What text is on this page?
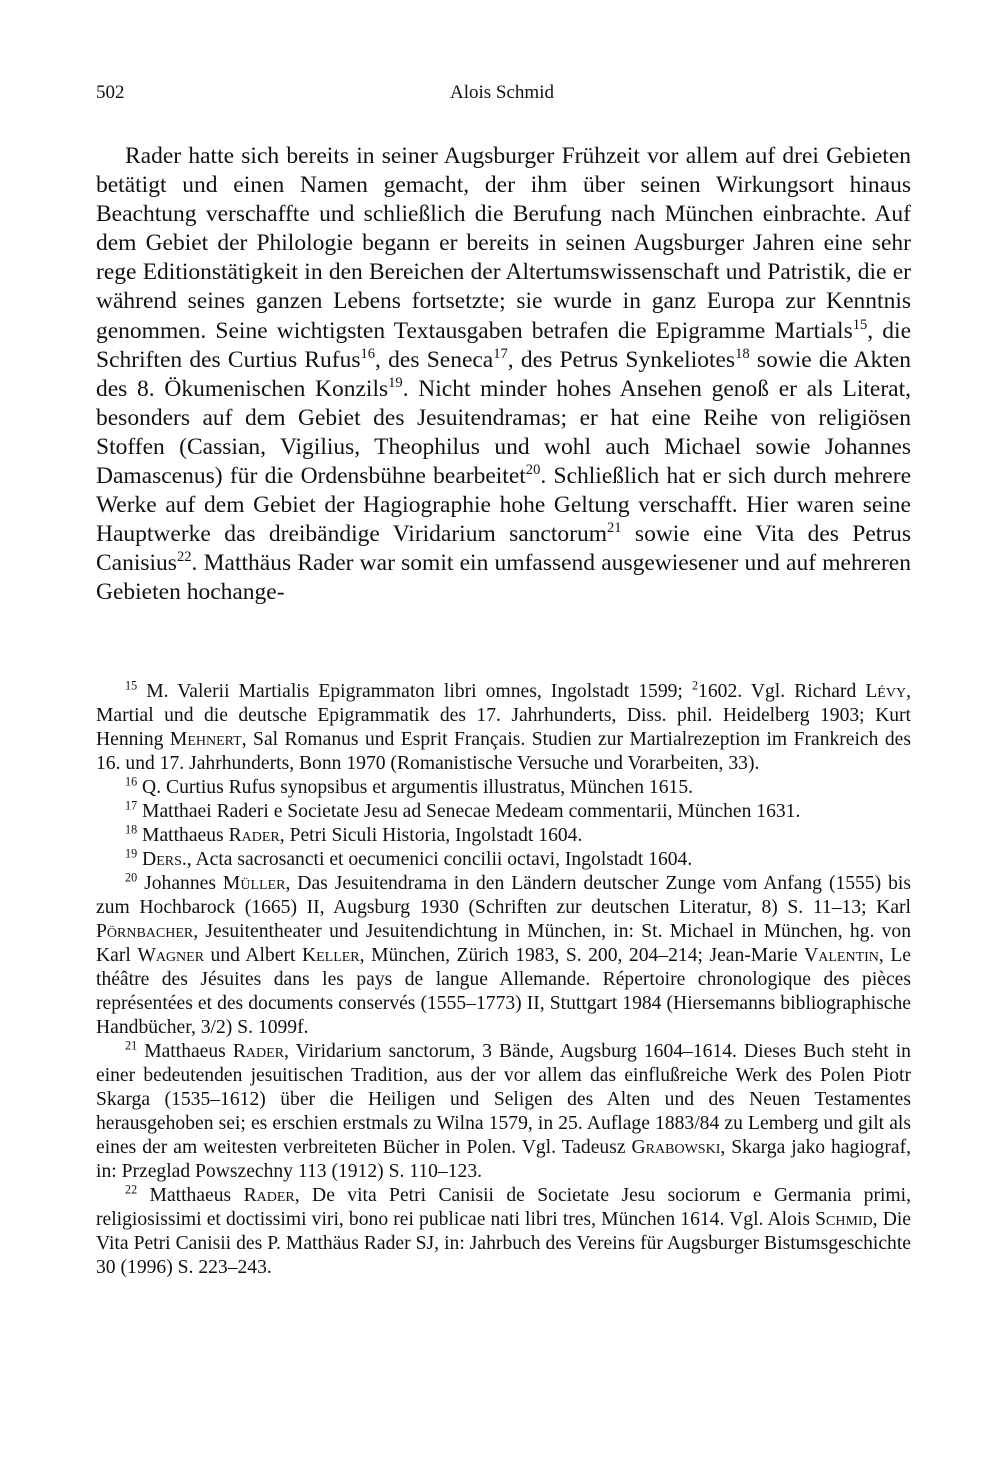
502	Alois Schmid

Rader hatte sich bereits in seiner Augsburger Frühzeit vor allem auf drei Gebieten betätigt und einen Namen gemacht, der ihm über seinen Wirkungsort hinaus Beachtung verschaffte und schließlich die Berufung nach München einbrachte. Auf dem Gebiet der Philologie begann er bereits in seinen Augsburger Jahren eine sehr rege Editionstätigkeit in den Bereichen der Altertumswissenschaft und Patristik, die er während seines ganzen Lebens fortsetzte; sie wurde in ganz Europa zur Kenntnis genommen. Seine wichtigsten Textausgaben betrafen die Epigramme Martials$^{15}$, die Schriften des Curtius Rufus$^{16}$, des Seneca$^{17}$, des Petrus Synkeliotes$^{18}$ sowie die Akten des 8. Ökumenischen Konzils$^{19}$. Nicht minder hohes Ansehen genoß er als Literat, besonders auf dem Gebiet des Jesuitendramas; er hat eine Reihe von religiösen Stoffen (Cassian, Vigilius, Theophilus und wohl auch Michael sowie Johannes Damascenus) für die Ordensbühne bearbeitet$^{20}$. Schließlich hat er sich durch mehrere Werke auf dem Gebiet der Hagiographie hohe Geltung verschafft. Hier waren seine Hauptwerke das dreibändige Viridarium sanctorum$^{21}$ sowie eine Vita des Petrus Canisius$^{22}$. Matthäus Rader war somit ein umfassend ausgewiesener und auf mehreren Gebieten hochange-

$^{15}$ M. Valerii Martialis Epigrammaton libri omnes, Ingolstadt 1599; $^2$1602. Vgl. Richard Lévy, Martial und die deutsche Epigrammatik des 17. Jahrhunderts, Diss. phil. Heidelberg 1903; Kurt Henning Mehnert, Sal Romanus und Esprit Français. Studien zur Martialrezeption im Frankreich des 16. und 17. Jahrhunderts, Bonn 1970 (Romanistische Versuche und Vorarbeiten, 33).

$^{16}$ Q. Curtius Rufus synopsibus et argumentis illustratus, München 1615.

$^{17}$ Matthaei Raderi e Societate Jesu ad Senecae Medeam commentarii, München 1631.

$^{18}$ Matthaeus Rader, Petri Siculi Historia, Ingolstadt 1604.

$^{19}$ Ders., Acta sacrosancti et oecumenici concilii octavi, Ingolstadt 1604.

$^{20}$ Johannes Müller, Das Jesuitendrama in den Ländern deutscher Zunge vom Anfang (1555) bis zum Hochbarock (1665) II, Augsburg 1930 (Schriften zur deutschen Literatur, 8) S. 11–13; Karl Pörnbacher, Jesuitentheater und Jesuitendichtung in München, in: St. Michael in München, hg. von Karl Wagner und Albert Keller, München, Zürich 1983, S. 200, 204–214; Jean-Marie Valentin, Le théâtre des Jésuites dans les pays de langue Allemande. Répertoire chronologique des pièces représentées et des documents conservés (1555–1773) II, Stuttgart 1984 (Hiersemanns bibliographische Handbücher, 3/2) S. 1099f.

$^{21}$ Matthaeus Rader, Viridarium sanctorum, 3 Bände, Augsburg 1604–1614. Dieses Buch steht in einer bedeutenden jesuitischen Tradition, aus der vor allem das einflußreiche Werk des Polen Piotr Skarga (1535–1612) über die Heiligen und Seligen des Alten und des Neuen Testamentes herausgehoben sei; es erschien erstmals zu Wilna 1579, in 25. Auflage 1883/84 zu Lemberg und gilt als eines der am weitesten verbreiteten Bücher in Polen. Vgl. Tadeusz Grabowski, Skarga jako hagiograf, in: Przeglad Powszechny 113 (1912) S. 110–123.

$^{22}$ Matthaeus Rader, De vita Petri Canisii de Societate Jesu sociorum e Germania primi, religiosissimi et doctissimi viri, bono rei publicae nati libri tres, München 1614. Vgl. Alois Schmid, Die Vita Petri Canisii des P. Matthäus Rader SJ, in: Jahrbuch des Vereins für Augsburger Bistumsgeschichte 30 (1996) S. 223–243.
